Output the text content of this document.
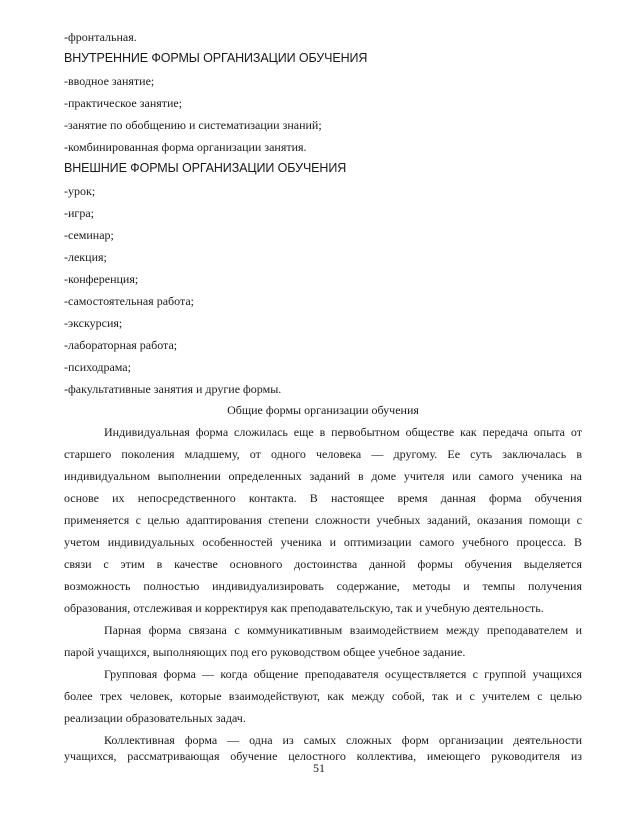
-фронтальная.
ВНУТРЕННИЕ ФОРМЫ ОРГАНИЗАЦИИ ОБУЧЕНИЯ
-вводное занятие;
-практическое занятие;
-занятие по обобщению и систематизации знаний;
-комбинированная форма организации занятия.
ВНЕШНИЕ ФОРМЫ ОРГАНИЗАЦИИ ОБУЧЕНИЯ
-урок;
-игра;
-семинар;
-лекция;
-конференция;
-самостоятельная работа;
-экскурсия;
-лабораторная работа;
-психодрама;
-факультативные занятия и другие формы.
Общие формы организации обучения
Индивидуальная форма сложилась еще в первобытном обществе как передача опыта от
старшего поколения младшему, от одного человека — другому. Ее суть заключалась в
индивидуальном выполнении определенных заданий в доме учителя или самого ученика на
основе их непосредственного контакта. В настоящее время данная форма обучения
применяется с целью адаптирования степени сложности учебных заданий, оказания помощи с
учетом индивидуальных особенностей ученика и оптимизации самого учебного процесса. В
связи с этим в качестве основного достоинства данной формы обучения выделяется
возможность полностью индивидуализировать содержание, методы и темпы получения
образования, отслеживая и корректируя как преподавательскую, так и учебную деятельность.
Парная форма связана с коммуникативным взаимодействием между преподавателем и
парой учащихся, выполняющих под его руководством общее учебное задание.
Групповая форма — когда общение преподавателя осуществляется с группой учащихся
более трех человек, которые взаимодействуют, как между собой, так и с учителем с целью
реализации образовательных задач.
Коллективная форма — одна из самых сложных форм организации деятельности
учащихся, рассматривающая обучение целостного коллектива, имеющего руководителя из
51
